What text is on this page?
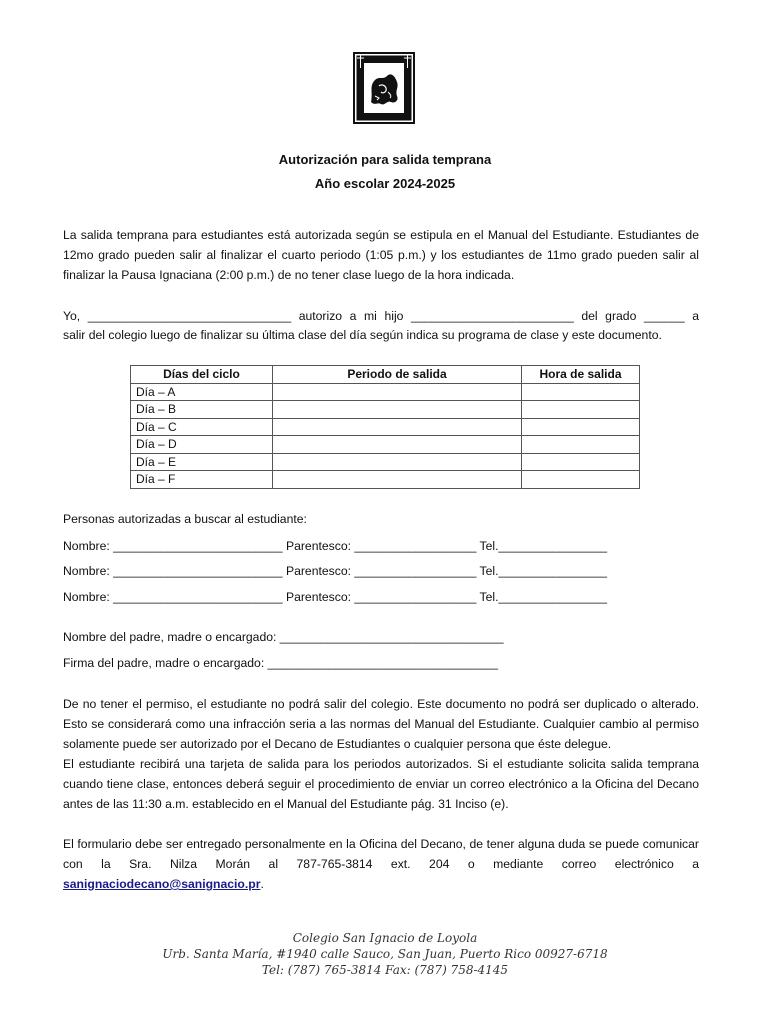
Autorización para salida temprana
Año escolar 2024-2025
La salida temprana para estudiantes está autorizada según se estipula en el Manual del Estudiante. Estudiantes de 12mo grado pueden salir al finalizar el cuarto periodo (1:05 p.m.) y los estudiantes de 11mo grado pueden salir al finalizar la Pausa Ignaciana (2:00 p.m.) de no tener clase luego de la hora indicada.
Yo, ______________________________ autorizo a mi hijo ________________________ del grado ______ a
salir del colegio luego de finalizar su última clase del día según indica su programa de clase y este documento.
Días del ciclo	Periodo de salida	Hora de salida
Día – A		
Día – B		
Día – C		
Día – D		
Día – E		
Día – F		
Personas autorizadas a buscar al estudiante:
Nombre: _________________________ Parentesco: __________________ Tel.________________
Nombre: _________________________ Parentesco: __________________ Tel.________________
Nombre: _________________________ Parentesco: __________________ Tel.________________
Nombre del padre, madre o encargado: _________________________________
Firma del padre, madre o encargado: __________________________________
De no tener el permiso, el estudiante no podrá salir del colegio. Este documento no podrá ser duplicado o alterado. Esto se considerará como una infracción seria a las normas del Manual del Estudiante. Cualquier cambio al permiso solamente puede ser autorizado por el Decano de Estudiantes o cualquier persona que éste delegue.
El estudiante recibirá una tarjeta de salida para los periodos autorizados. Si el estudiante solicita salida temprana cuando tiene clase, entonces deberá seguir el procedimiento de enviar un correo electrónico a la Oficina del Decano antes de las 11:30 a.m. establecido en el Manual del Estudiante pág. 31 Inciso (e).
El formulario debe ser entregado personalmente en la Oficina del Decano, de tener alguna duda se puede comunicar con la Sra. Nilza Morán al 787-765-3814 ext. 204 o mediante correo electrónico a sanignaciodecano@sanignacio.pr.
Colegio San Ignacio de Loyola
Urb. Santa María, #1940 calle Sauco, San Juan, Puerto Rico 00927-6718
Tel: (787) 765-3814 Fax: (787) 758-4145
